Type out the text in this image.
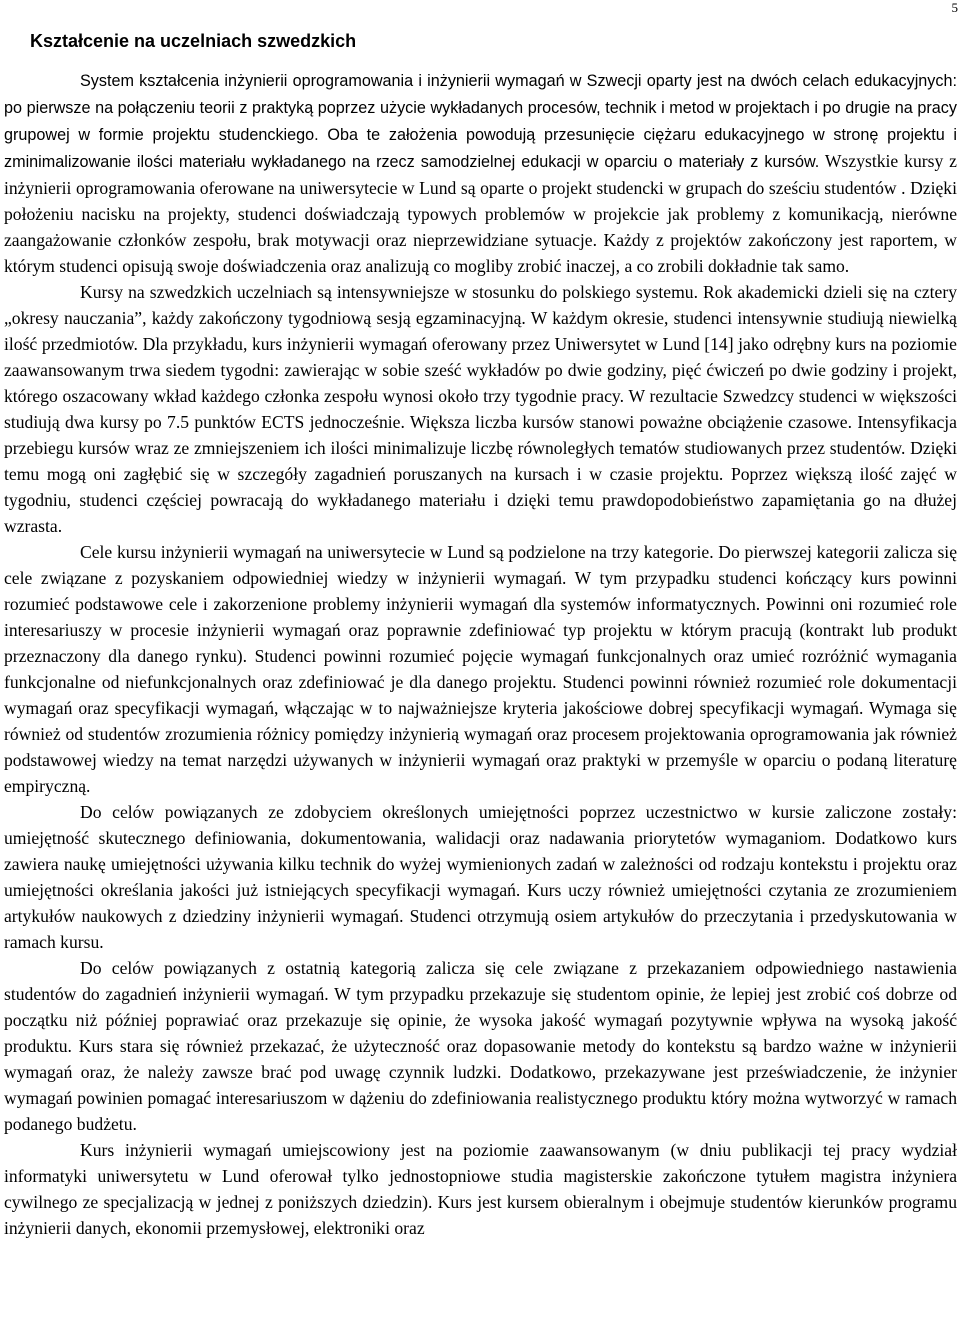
5
Kształcenie na uczelniach szwedzkich

System kształcenia inżynierii oprogramowania i inżynierii wymagań w Szwecji oparty jest na dwóch celach edukacyjnych: po pierwsze na połączeniu teorii z praktyką poprzez użycie wykładanych procesów, technik i metod w projektach i po drugie na pracy grupowej w formie projektu studenckiego. Oba te założenia powodują przesunięcie ciężaru edukacyjnego w stronę projektu i zminimalizowanie ilości materiału wykładanego na rzecz samodzielnej edukacji w oparciu o materiały z kursów. Wszystkie kursy z inżynierii oprogramowania oferowane na uniwersytecie w Lund są oparte o projekt studencki w grupach do sześciu studentów . Dzięki położeniu nacisku na projekty, studenci doświadczają typowych problemów w projekcie jak problemy z komunikacją, nierówne zaangażowanie członków zespołu, brak motywacji oraz nieprzewidziane sytuacje. Każdy z projektów zakończony jest raportem, w którym studenci opisują swoje doświadczenia oraz analizują co mogliby zrobić inaczej, a co zrobili dokładnie tak samo.

Kursy na szwedzkich uczelniach są intensywniejsze w stosunku do polskiego systemu. Rok akademicki dzieli się na cztery „okresy nauczania”, każdy zakończony tygodniową sesją egzaminacyjną. W każdym okresie, studenci intensywnie studiują niewielką ilość przedmiotów. Dla przykładu, kurs inżynierii wymagań oferowany przez Uniwersytet w Lund [14] jako odrębny kurs na poziomie zaawansowanym trwa siedem tygodni: zawierając w sobie sześć wykładów po dwie godziny, pięć ćwiczeń po dwie godziny i projekt, którego oszacowany wkład każdego członka zespołu wynosi około trzy tygodnie pracy. W rezultacie Szwedzcy studenci w większości studiują dwa kursy po 7.5 punktów ECTS jednocześnie. Większa liczba kursów stanowi poważne obciążenie czasowe. Intensyfikacja przebiegu kursów wraz ze zmniejszeniem ich ilości minimalizuje liczbę równoległych tematów studiowanych przez studentów. Dzięki temu mogą oni zagłębić się w szczegóły zagadnień poruszanych na kursach i w czasie projektu. Poprzez większą ilość zajęć w tygodniu, studenci częściej powracają do wykładanego materiału i dzięki temu prawdopodobieństwo zapamiętania go na dłużej wzrasta.

Cele kursu inżynierii wymagań na uniwersytecie w Lund są podzielone na trzy kategorie. Do pierwszej kategorii zalicza się cele związane z pozyskaniem odpowiedniej wiedzy w inżynierii wymagań. W tym przypadku studenci kończący kurs powinni rozumieć podstawowe cele i zakorzenione problemy inżynierii wymagań dla systemów informatycznych. Powinni oni rozumieć role interesariuszy w procesie inżynierii wymagań oraz poprawnie zdefiniować typ projektu w którym pracują (kontrakt lub produkt przeznaczony dla danego rynku). Studenci powinni rozumieć pojęcie wymagań funkcjonalnych oraz umieć rozróżnić wymagania funkcjonalne od niefunkcjonalnych oraz zdefiniować je dla danego projektu. Studenci powinni również rozumieć role dokumentacji wymagań oraz specyfikacji wymagań, włączając w to najważniejsze kryteria jakościowe dobrej specyfikacji wymagań. Wymaga się również od studentów zrozumienia różnicy pomiędzy inżynierią wymagań oraz procesem projektowania oprogramowania jak również podstawowej wiedzy na temat narzędzi używanych w inżynierii wymagań oraz praktyki w przemyśle w oparciu o podaną literaturę empiryczną.

Do celów powiązanych ze zdobyciem określonych umiejętności poprzez uczestnictwo w kursie zaliczone zostały: umiejętność skutecznego definiowania, dokumentowania, walidacji oraz nadawania priorytetów wymaganiom. Dodatkowo kurs zawiera naukę umiejętności używania kilku technik do wyżej wymienionych zadań w zależności od rodzaju kontekstu i projektu oraz umiejętności określania jakości już istniejących specyfikacji wymagań. Kurs uczy również umiejętności czytania ze zrozumieniem artykułów naukowych z dziedziny inżynierii wymagań. Studenci otrzymują osiem artykułów do przeczytania i przedyskutowania w ramach kursu.

Do celów powiązanych z ostatnią kategorią zalicza się cele związane z przekazaniem odpowiedniego nastawienia studentów do zagadnień inżynierii wymagań. W tym przypadku przekazuje się studentom opinie, że lepiej jest zrobić coś dobrze od początku niż później poprawiać oraz przekazuje się opinie, że wysoka jakość wymagań pozytywnie wpływa na wysoką jakość produktu. Kurs stara się również przekazać, że użyteczność oraz dopasowanie metody do kontekstu są bardzo ważne w inżynierii wymagań oraz, że należy zawsze brać pod uwagę czynnik ludzki. Dodatkowo, przekazywane jest przeświadczenie, że inżynier wymagań powinien pomagać interesariuszom w dążeniu do zdefiniowania realistycznego produktu który można wytworzyć w ramach podanego budżetu.

Kurs inżynierii wymagań umiejscowiony jest na poziomie zaawansowanym (w dniu publikacji tej pracy wydział informatyki uniwersytetu w Lund oferował tylko jednostopniowe studia magisterskie zakończone tytułem magistra inżyniera cywilnego ze specjalizacją w jednej z poniższych dziedzin). Kurs jest kursem obieralnym i obejmuje studentów kierunków programu inżynierii danych, ekonomii przemysłowej, elektroniki oraz
